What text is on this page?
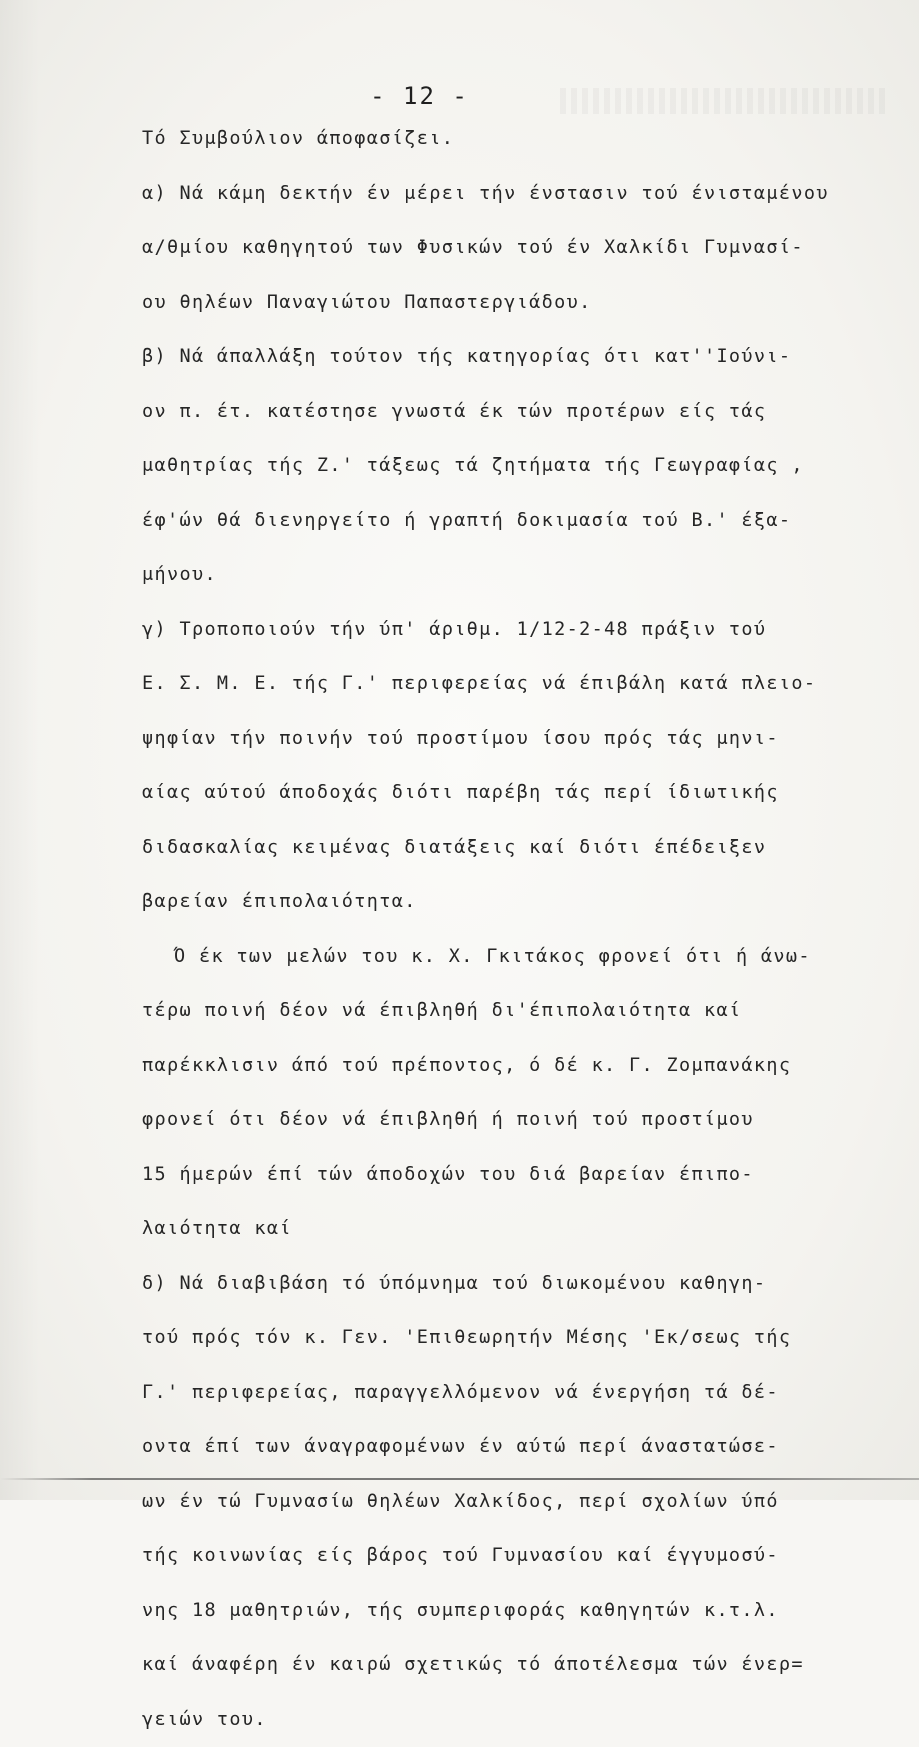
- 12 -
Τό Συμβούλιον άποφασίζει.
α) Νά κάμη δεκτήν έν μέρει τήν ένστασιν τού ένισταμένου
α/θμίου καθηγητού των Φυσικών τού έν Χαλκίδι Γυμνασί-
ου θηλέων Παναγιώτου Παπαστεργιάδου.
β) Νά άπαλλάξη τούτον τής κατηγορίας ότι κατ''Ιούνι-
ον π. έτ. κατέστησε γνωστά έκ τών προτέρων είς τάς
μαθητρίας τής Ζ.' τάξεως τά ζητήματα τής Γεωγραφίας ,
έφ'ών θά διενηργείτο ή γραπτή δοκιμασία τού Β.' έξα-
μήνου.
γ) Τροποποιούν τήν ύπ' άριθμ. 1/12-2-48 πράξιν τού
Ε. Σ. Μ. Ε. τής Γ.' περιφερείας νά έπιβάλη κατά πλειο-
ψηφίαν τήν ποινήν τού προστίμου ίσου πρός τάς μηνι-
αίας αύτού άποδοχάς διότι παρέβη τάς περί ίδιωτικής
διδασκαλίας κειμένας διατάξεις καί διότι έπέδειξεν
βαρείαν έπιπολαιότητα.
Ό έκ των μελών του κ. Χ. Γκιτάκος φρονεί ότι ή άνω-
τέρω ποινή δέον νά έπιβληθή δι'έπιπολαιότητα καί
παρέκκλισιν άπό τού πρέποντος, ό δέ κ. Γ. Ζομπανάκης
φρονεί ότι δέον νά έπιβληθή ή ποινή τού προστίμου
15 ήμερών έπί τών άποδοχών του διά βαρείαν έπιπο-
λαιότητα καί
δ) Νά διαβιβάση τό ύπόμνημα τού διωκομένου καθηγη-
τού πρός τόν κ. Γεν. 'Επιθεωρητήν Μέσης 'Εκ/σεως τής
Γ.' περιφερείας, παραγγελλόμενον νά ένεργήση τά δέ-
οντα έπί των άναγραφομένων έν αύτώ περί άναστατώσε-
ων έν τώ Γυμνασίω θηλέων Χαλκίδος, περί σχολίων ύπό
τής κοινωνίας είς βάρος τού Γυμνασίου καί έγγυμοσύ-
νης 18 μαθητριών, τής συμπεριφοράς καθηγητών κ.τ.λ.
καί άναφέρη έν καιρώ σχετικώς τό άποτέλεσμα τών ένερ=
γειών του.
